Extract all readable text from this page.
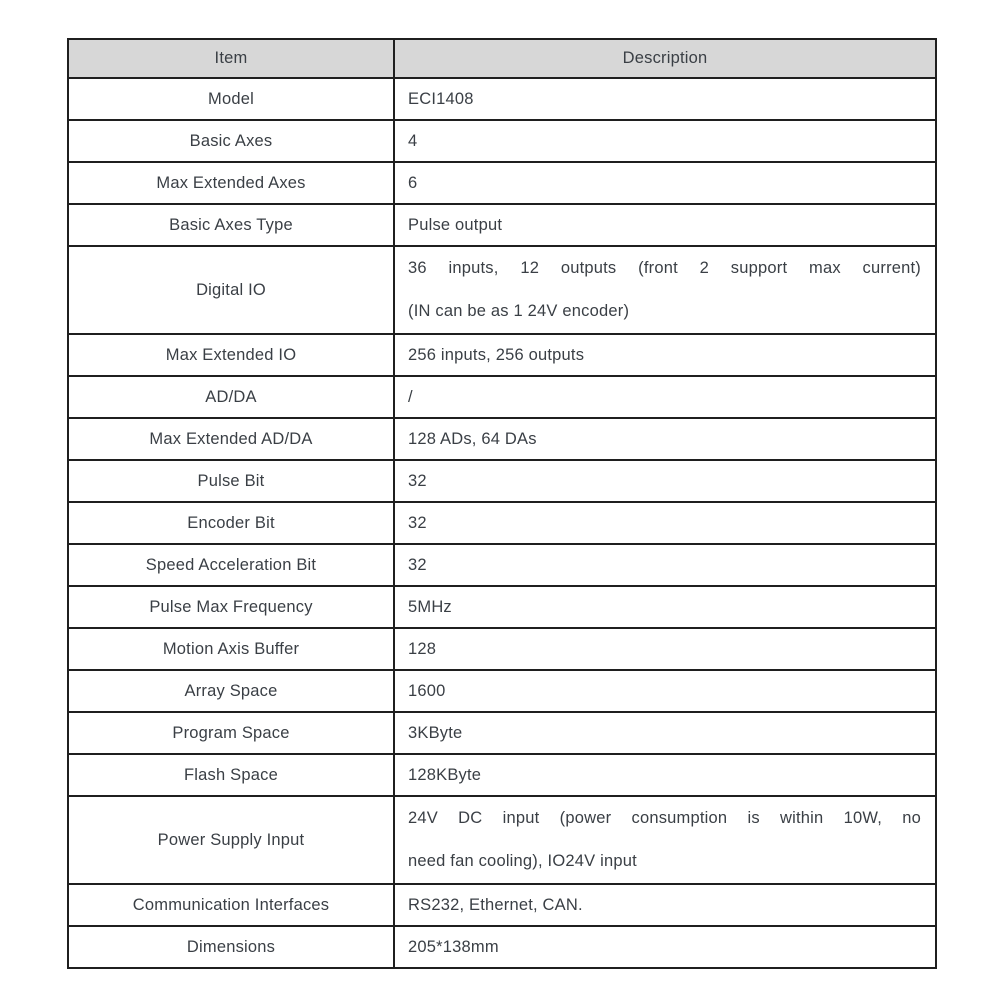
Item	Description
Model	ECI1408

Basic Axes	4

Max Extended Axes	6

Basic Axes Type	Pulse output

Digital IO	36 inputs, 12 outputs (front 2 support max current)
(IN can be as 1 24V encoder)

Max Extended IO	256 inputs, 256 outputs

AD/DA	/

Max Extended AD/DA	128 ADs, 64 DAs

Pulse Bit	32

Encoder Bit	32

Speed Acceleration Bit	32

Pulse Max Frequency	5MHz

Motion Axis Buffer	128

Array Space	1600

Program Space	3KByte

Flash Space	128KByte

Power Supply Input	24V DC input (power consumption is within 10W, no
need fan cooling), IO24V input

Communication Interfaces	RS232, Ethernet, CAN.

Dimensions	205*138mm
